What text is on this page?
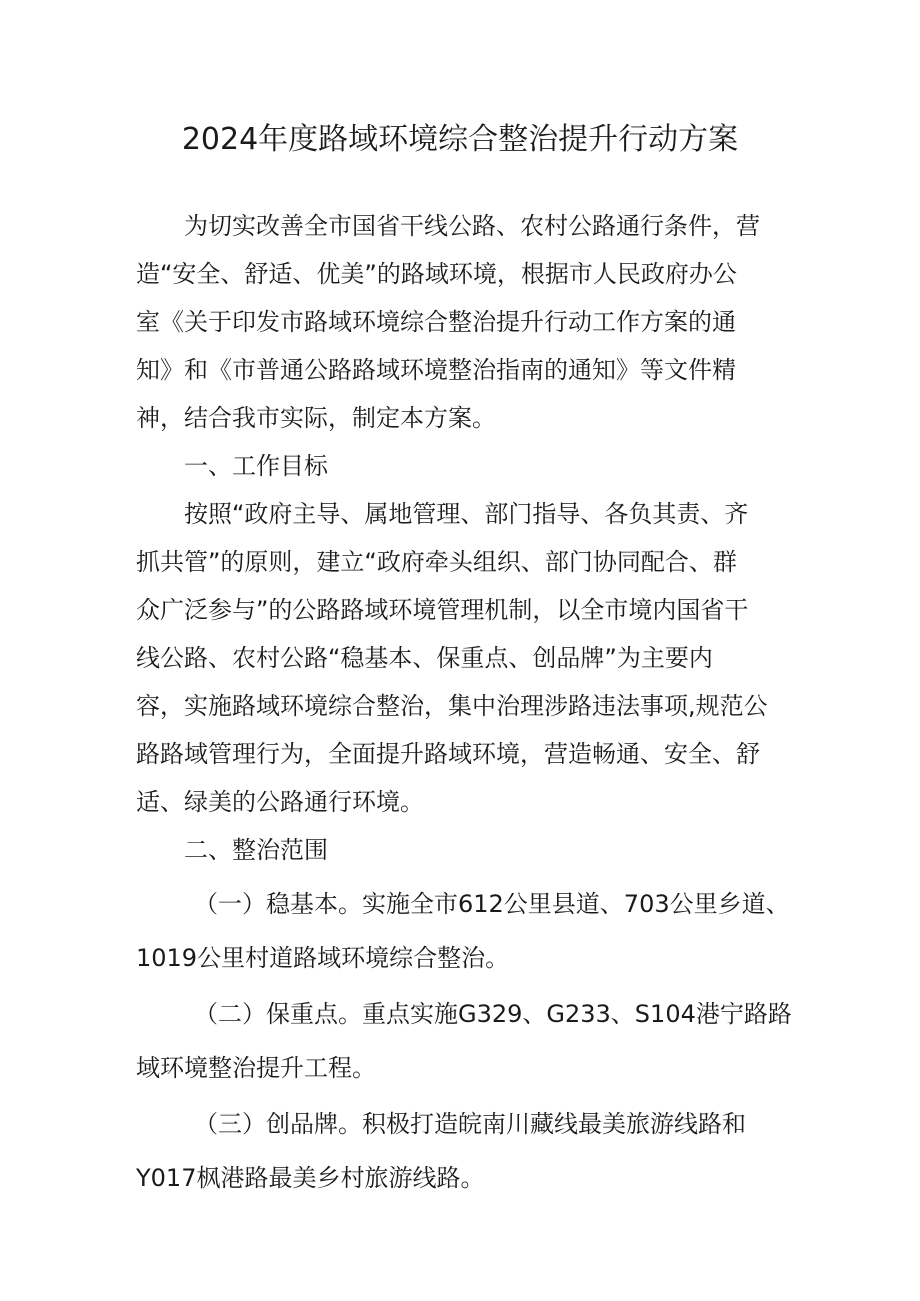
2024年度路域环境综合整治提升行动方案
为切实改善全市国省干线公路、农村公路通行条件，营
造“安全、舒适、优美”的路域环境，根据市人民政府办公
室《关于印发市路域环境综合整治提升行动工作方案的通
知》和《市普通公路路域环境整治指南的通知》等文件精
神，结合我市实际，制定本方案。
一、工作目标
按照“政府主导、属地管理、部门指导、各负其责、齐
抓共管”的原则，建立“政府牵头组织、部门协同配合、群
众广泛参与”的公路路域环境管理机制，以全市境内国省干
线公路、农村公路“稳基本、保重点、创品牌”为主要内
容，实施路域环境综合整治，集中治理涉路违法事项,规范公
路路域管理行为，全面提升路域环境，营造畅通、安全、舒
适、绿美的公路通行环境。
二、整治范围
（一）稳基本。实施全市612公里县道、703公里乡道、
1019公里村道路域环境综合整治。
（二）保重点。重点实施G329、G233、S104港宁路路
域环境整治提升工程。
（三）创品牌。积极打造皖南川藏线最美旅游线路和
Y017枫港路最美乡村旅游线路。
